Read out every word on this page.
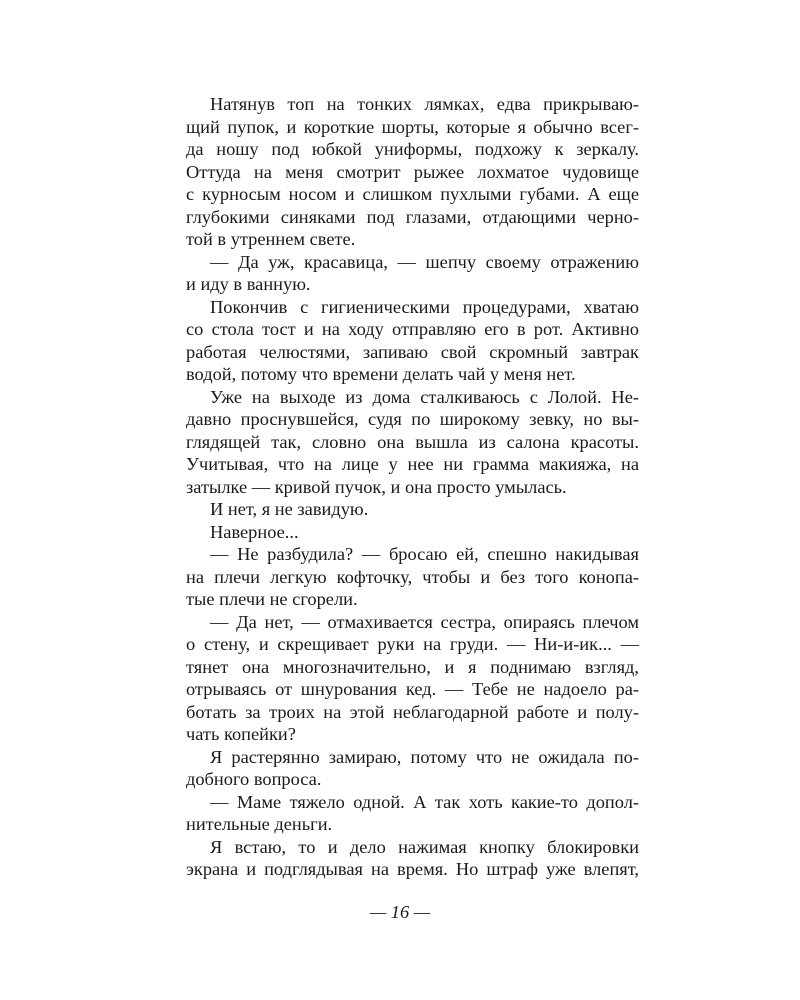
Натянув топ на тонких лямках, едва прикрываю-
щий пупок, и короткие шорты, которые я обычно всег-
да ношу под юбкой униформы, подхожу к зеркалу.
Оттуда на меня смотрит рыжее лохматое чудовище
с курносым носом и слишком пухлыми губами. А еще
глубокими синяками под глазами, отдающими черно-
той в утреннем свете.
— Да уж, красавица, — шепчу своему отражению
и иду в ванную.
Покончив с гигиеническими процедурами, хватаю
со стола тост и на ходу отправляю его в рот. Активно
работая челюстями, запиваю свой скромный завтрак
водой, потому что времени делать чай у меня нет.
Уже на выходе из дома сталкиваюсь с Лолой. Не-
давно проснувшейся, судя по широкому зевку, но вы-
глядящей так, словно она вышла из салона красоты.
Учитывая, что на лице у нее ни грамма макияжа, на
затылке — кривой пучок, и она просто умылась.
И нет, я не завидую.
Наверное...
— Не разбудила? — бросаю ей, спешно накидывая
на плечи легкую кофточку, чтобы и без того конопа-
тые плечи не сгорели.
— Да нет, — отмахивается сестра, опираясь плечом
о стену, и скрещивает руки на груди. — Ни-и-ик... —
тянет она многозначительно, и я поднимаю взгляд,
отрываясь от шнурования кед. — Тебе не надоело ра-
ботать за троих на этой неблагодарной работе и полу-
чать копейки?
Я растерянно замираю, потому что не ожидала по-
добного вопроса.
— Маме тяжело одной. А так хоть какие-то допол-
нительные деньги.
Я встаю, то и дело нажимая кнопку блокировки
экрана и подглядывая на время. Но штраф уже влепят,
— 16 —
